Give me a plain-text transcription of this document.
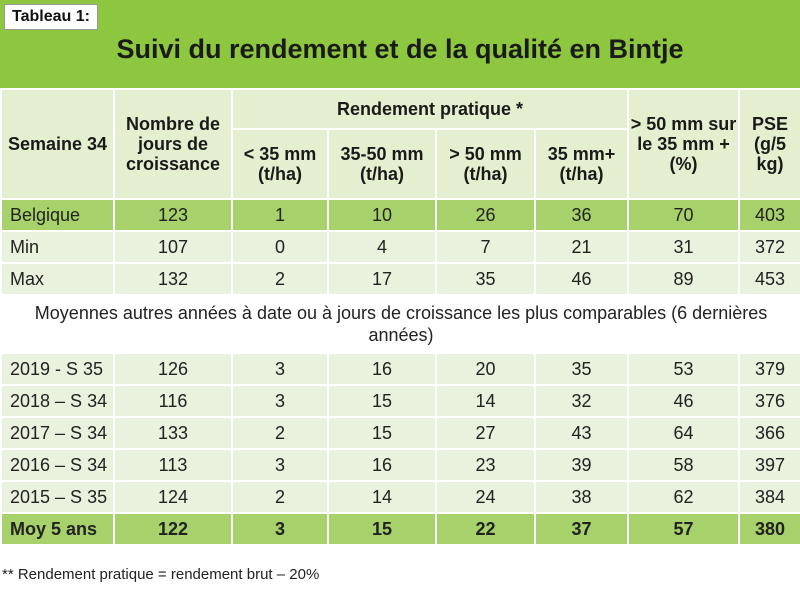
Tableau 1:
Suivi du rendement et de la qualité en Bintje
Semaine 34	Nombre de jours de croissance	Rendement pratique *				> 50 mm sur le 35 mm + (%)	PSE (g/5 kg)
		< 35 mm (t/ha)	35-50 mm (t/ha)	> 50 mm (t/ha)	35 mm+ (t/ha)		
Belgique	123	1	10	26	36	70	403
Min	107	0	4	7	21	31	372
Max	132	2	17	35	46	89	453
Moyennes autres années à date ou à jours de croissance les plus comparables (6 dernières années)							
2019 - S 35	126	3	16	20	35	53	379
2018 – S 34	116	3	15	14	32	46	376
2017 – S 34	133	2	15	27	43	64	366
2016 – S 34	113	3	16	23	39	58	397
2015 – S 35	124	2	14	24	38	62	384
Moy 5 ans	122	3	15	22	37	57	380
** Rendement pratique = rendement brut – 20%
